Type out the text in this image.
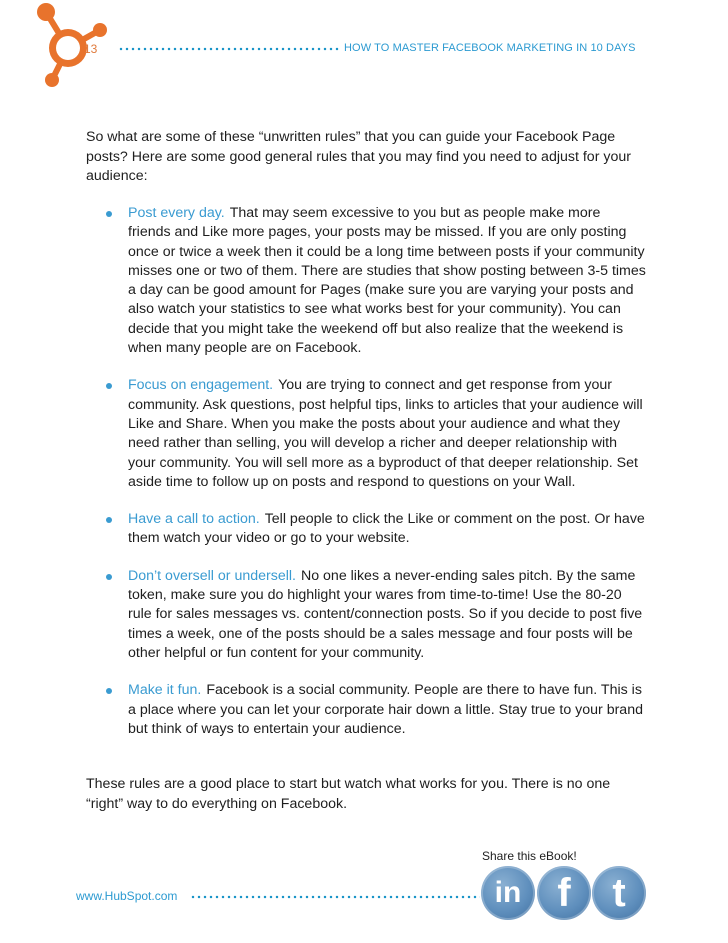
13	HOW TO MASTER FACEBOOK MARKETING IN 10 DAYS

So what are some of these “unwritten rules” that you can guide your Facebook Page posts? Here are some good general rules that you may find you need to adjust for your audience:

Post every day. That may seem excessive to you but as people make more friends and Like more pages, your posts may be missed. If you are only posting once or twice a week then it could be a long time between posts if your community misses one or two of them. There are studies that show posting between 3-5 times a day can be good amount for Pages (make sure you are varying your posts and also watch your statistics to see what works best for your community). You can decide that you might take the weekend off but also realize that the weekend is when many people are on Facebook.
Focus on engagement. You are trying to connect and get response from your community. Ask questions, post helpful tips, links to articles that your audience will Like and Share. When you make the posts about your audience and what they need rather than selling, you will develop a richer and deeper relationship with your community. You will sell more as a byproduct of that deeper relationship. Set aside time to follow up on posts and respond to questions on your Wall.
Have a call to action. Tell people to click the Like or comment on the post. Or have them watch your video or go to your website.
Don’t oversell or undersell. No one likes a never-ending sales pitch. By the same token, make sure you do highlight your wares from time-to-time! Use the 80-20 rule for sales messages vs. content/connection posts. So if you decide to post five times a week, one of the posts should be a sales message and four posts will be other helpful or fun content for your community.
Make it fun. Facebook is a social community. People are there to have fun. This is a place where you can let your corporate hair down a little. Stay true to your brand but think of ways to entertain your audience.

These rules are a good place to start but watch what works for you. There is no one “right” way to do everything on Facebook.

Share this eBook!
www.HubSpot.com	in f	t
